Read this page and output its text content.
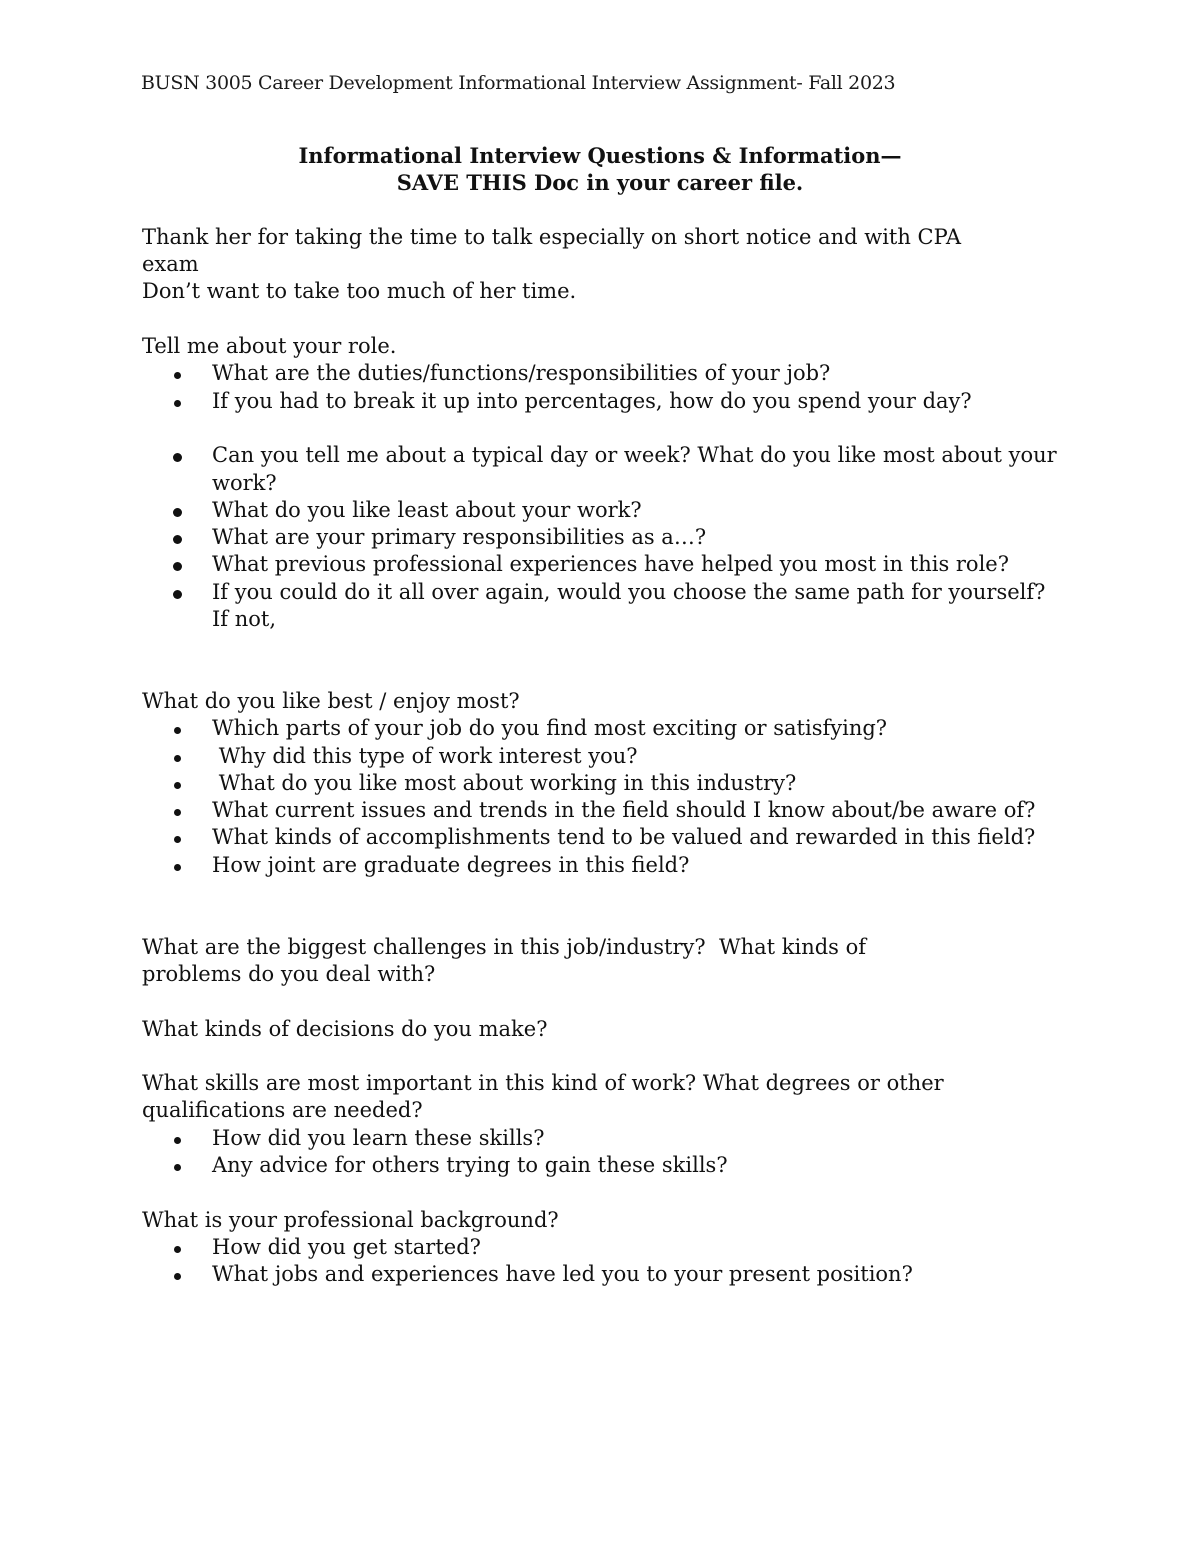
BUSN 3005 Career Development Informational Interview Assignment- Fall 2023

Informational Interview Questions & Information—

SAVE THIS Doc in your career file.

Thank her for taking the time to talk especially on short notice and with CPA exam

Don’t want to take too much of her time.

Tell me about your role.

What are the duties/functions/responsibilities of your job?
If you had to break it up into percentages, how do you spend your day?
Can you tell me about a typical day or week? What do you like most about your work?
What do you like least about your work?
What are your primary responsibilities as a…?
What previous professional experiences have helped you most in this role?
If you could do it all over again, would you choose the same path for yourself? If not,

What do you like best / enjoy most?

Which parts of your job do you find most exciting or satisfying?
Why did this type of work interest you?
What do you like most about working in this industry?
What current issues and trends in the field should I know about/be aware of?
What kinds of accomplishments tend to be valued and rewarded in this field?
How joint are graduate degrees in this field?

What are the biggest challenges in this job/industry?  What kinds of problems do you deal with?

What kinds of decisions do you make?

What skills are most important in this kind of work? What degrees or other qualifications are needed?

How did you learn these skills?
Any advice for others trying to gain these skills?

What is your professional background?

How did you get started?
What jobs and experiences have led you to your present position?
